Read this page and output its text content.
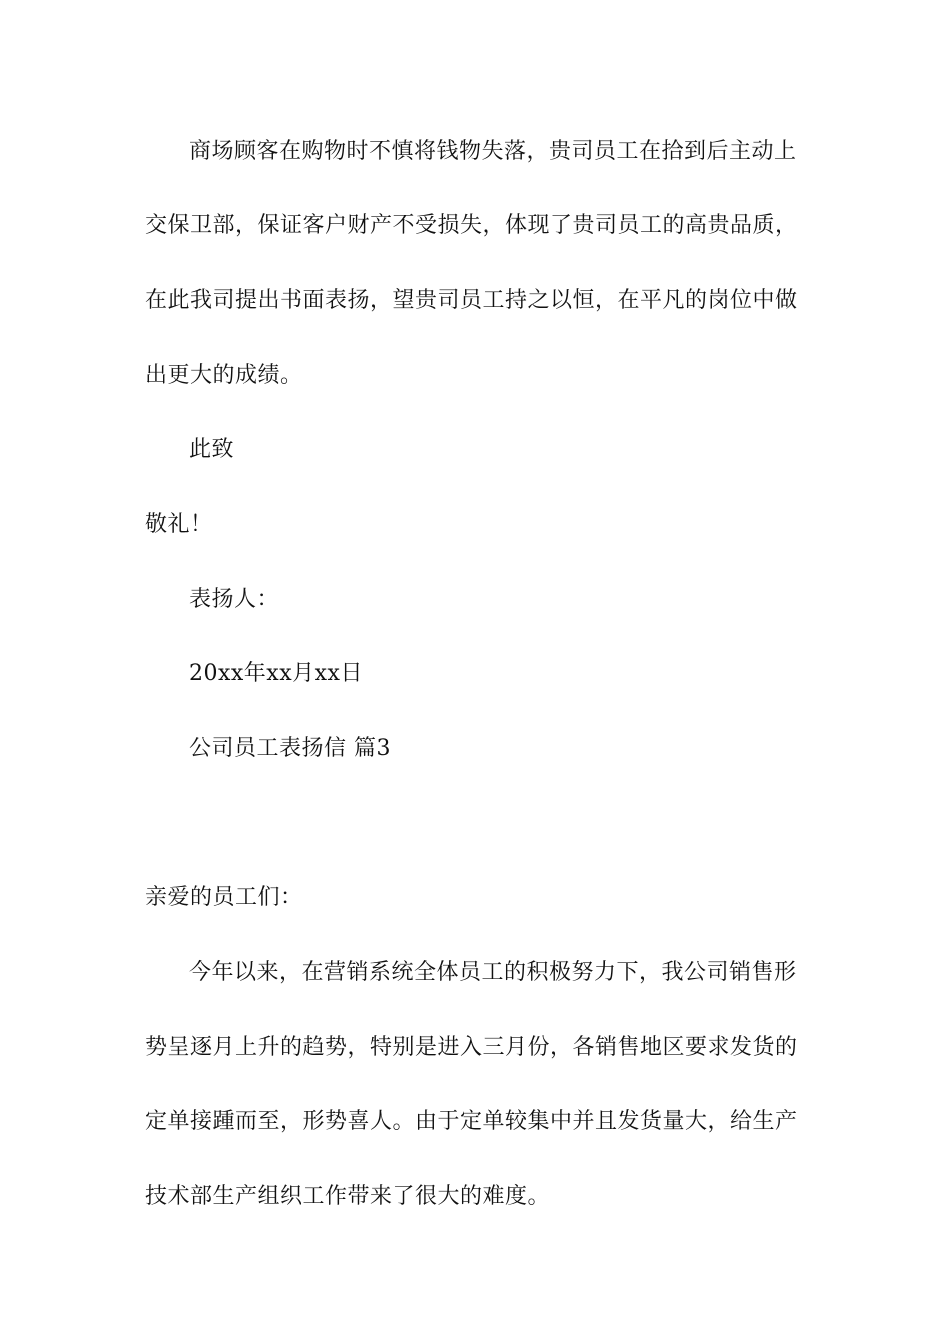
商场顾客在购物时不慎将钱物失落，贵司员工在拾到后主动上
交保卫部，保证客户财产不受损失，体现了贵司员工的高贵品质，
在此我司提出书面表扬，望贵司员工持之以恒，在平凡的岗位中做
出更大的成绩。
此致
敬礼！
表扬人：
20xx年xx月xx日
公司员工表扬信 篇3
亲爱的员工们：
今年以来，在营销系统全体员工的积极努力下，我公司销售形
势呈逐月上升的趋势，特别是进入三月份，各销售地区要求发货的
定单接踵而至，形势喜人。由于定单较集中并且发货量大，给生产
技术部生产组织工作带来了很大的难度。
